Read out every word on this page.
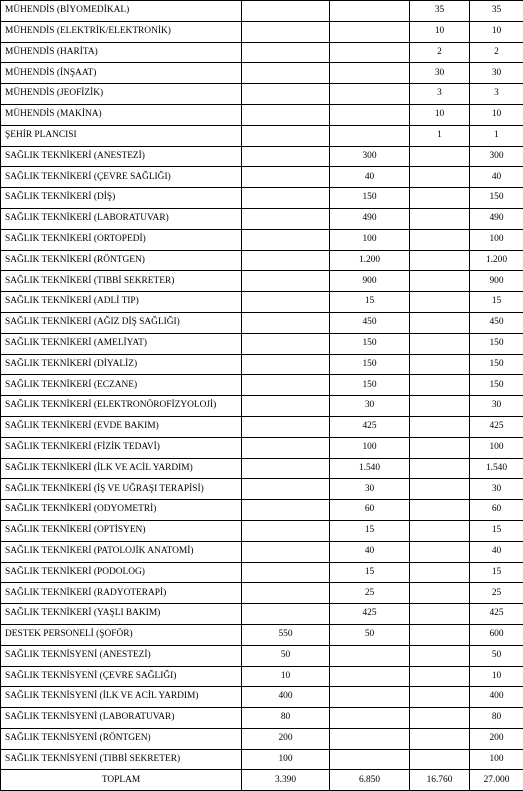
MÜHENDİS (BİYOMEDİKAL)			35	35
MÜHENDİS (ELEKTRİK/ELEKTRONİK)			10	10
MÜHENDİS (HARİTA)			2	2
MÜHENDİS (İNŞAAT)			30	30
MÜHENDİS (JEOFİZİK)			3	3
MÜHENDİS (MAKİNA)			10	10
ŞEHİR PLANCISI			1	1
SAĞLIK TEKNİKERİ (ANESTEZİ)		300		300
SAĞLIK TEKNİKERİ (ÇEVRE SAĞLIĞI)		40		40
SAĞLIK TEKNİKERİ (DİŞ)		150		150
SAĞLIK TEKNİKERİ (LABORATUVAR)		490		490
SAĞLIK TEKNİKERİ (ORTOPEDİ)		100		100
SAĞLIK TEKNİKERİ (RÖNTGEN)		1.200		1.200
SAĞLIK TEKNİKERİ (TIBBİ SEKRETER)		900		900
SAĞLIK TEKNİKERİ (ADLİ TIP)		15		15
SAĞLIK TEKNİKERİ (AĞIZ DİŞ SAĞLIĞI)		450		450
SAĞLIK TEKNİKERİ (AMELİYAT)		150		150
SAĞLIK TEKNİKERİ (DİYALİZ)		150		150
SAĞLIK TEKNİKERİ (ECZANE)		150		150
SAĞLIK TEKNİKERİ (ELEKTRONÖROFİZYOLOJİ)		30		30
SAĞLIK TEKNİKERİ (EVDE BAKIM)		425		425
SAĞLIK TEKNİKERİ (FİZİK TEDAVİ)		100		100
SAĞLIK TEKNİKERİ (İLK VE ACİL YARDIM)		1.540		1.540
SAĞLIK TEKNİKERİ (İŞ VE UĞRAŞI TERAPİSİ)		30		30
SAĞLIK TEKNİKERİ (ODYOMETRİ)		60		60
SAĞLIK TEKNİKERİ (OPTİSYEN)		15		15
SAĞLIK TEKNİKERİ (PATOLOJİK ANATOMİ)		40		40
SAĞLIK TEKNİKERİ (PODOLOG)		15		15
SAĞLIK TEKNİKERİ (RADYOTERAPİ)		25		25
SAĞLIK TEKNİKERİ (YAŞLI BAKIM)		425		425
DESTEK PERSONELİ (ŞOFÖR)	550	50		600
SAĞLIK TEKNİSYENİ (ANESTEZİ)	50			50
SAĞLIK TEKNİSYENİ (ÇEVRE SAĞLIĞI)	10			10
SAĞLIK TEKNİSYENİ (İLK VE ACİL YARDIM)	400			400
SAĞLIK TEKNİSYENİ (LABORATUVAR)	80			80
SAĞLIK TEKNİSYENİ (RÖNTGEN)	200			200
SAĞLIK TEKNİSYENİ (TIBBİ SEKRETER)	100			100
TOPLAM	3.390	6.850	16.760	27.000
